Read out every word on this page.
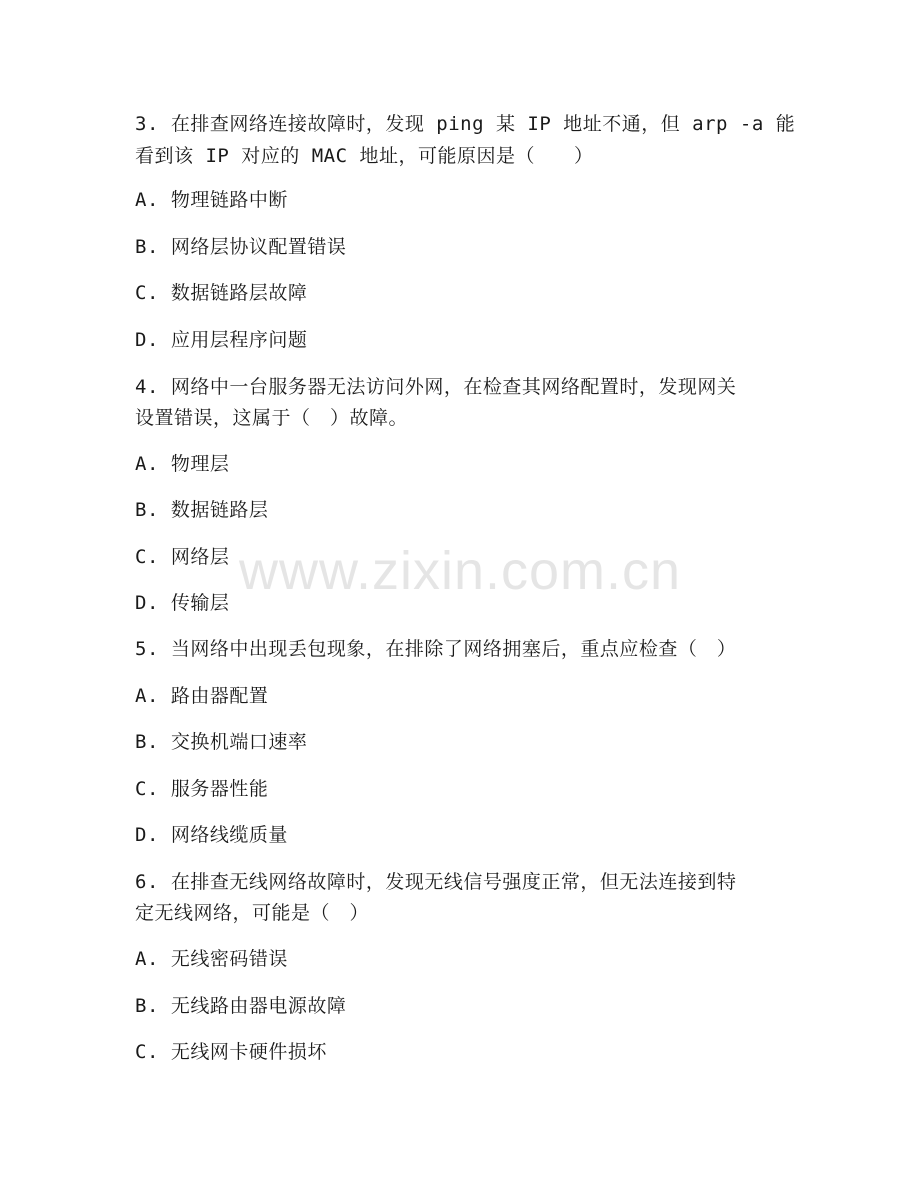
3. 在排查网络连接故障时，发现 ping 某 IP 地址不通，但 arp -a 能
看到该 IP 对应的 MAC 地址，可能原因是（　　）
A. 物理链路中断
B. 网络层协议配置错误
C. 数据链路层故障
D. 应用层程序问题
4. 网络中一台服务器无法访问外网，在检查其网络配置时，发现网关
设置错误，这属于（　）故障。
A. 物理层
B. 数据链路层
C. 网络层
D. 传输层
5. 当网络中出现丢包现象，在排除了网络拥塞后，重点应检查（　）
A. 路由器配置
B. 交换机端口速率
C. 服务器性能
D. 网络线缆质量
6. 在排查无线网络故障时，发现无线信号强度正常，但无法连接到特
定无线网络，可能是（　）
A. 无线密码错误
B. 无线路由器电源故障
C. 无线网卡硬件损坏
www.zixin.com.cn
